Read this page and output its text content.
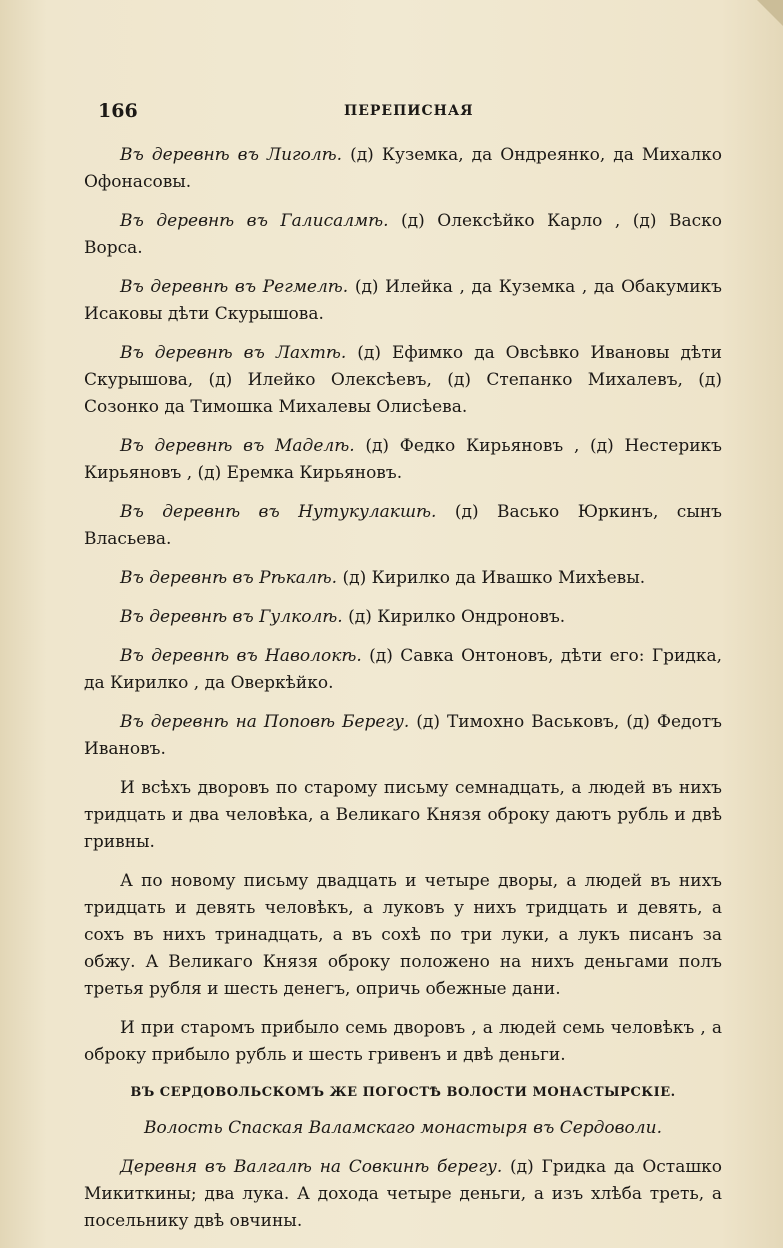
166	ПЕРЕПИСНАЯ

Въ деревнѣ въ Лиголѣ. (д) Куземка, да Ондреянко, да Михалко Офонасовы.

Въ деревнѣ въ Галисалмѣ. (д) Олексѣйко Карло , (д) Васко Ворса.

Въ деревнѣ въ Регмелѣ. (д) Илейка , да Куземка , да Обакумикъ Исаковы дѣти Скурышова.

Въ деревнѣ въ Лахтѣ. (д) Ефимко да Овсѣвко Ивановы дѣти Скурышова, (д) Илейко Олексѣевъ, (д) Степанко Михалевъ, (д) Созонко да Тимошка Михалевы Олисѣева.

Въ деревнѣ въ Маделѣ. (д) Федко Кирьяновъ , (д) Нестерикъ Кирьяновъ , (д) Еремка Кирьяновъ.

Въ деревнѣ въ Нутукулакшѣ. (д) Васько Юркинъ, сынъ Власьева.

Въ деревнѣ въ Рѣкалѣ. (д) Кирилко да Ивашко Михѣевы.

Въ деревнѣ въ Гулколѣ. (д) Кирилко Ондроновъ.

Въ деревнѣ въ Наволокѣ. (д) Савка Онтоновъ, дѣти его: Гридка, да Кирилко , да Оверкѣйко.

Въ деревнѣ на Поповѣ Берегу. (д) Тимохно Васьковъ, (д) Федотъ Ивановъ.

И всѣхъ дворовъ по старому письму семнадцать, а людей въ нихъ тридцать и два человѣка, а Великаго Князя оброку даютъ рубль и двѣ гривны.

А по новому письму двадцать и четыре дворы, а людей въ нихъ тридцать и девять человѣкъ, а луковъ у нихъ тридцать и девять, а сохъ въ нихъ тринадцать, а въ сохѣ по три луки, а лукъ писанъ за обжу. А Великаго Князя оброку положено на нихъ деньгами полъ третья рубля и шесть денегъ, опричь обежные дани.

И при старомъ прибыло семь дворовъ , а людей семь человѣкъ , а оброку прибыло рубль и шесть гривенъ и двѣ деньги.

ВЪ СЕРДОВОЛЬСКОМЪ ЖЕ ПОГОСТѢ ВОЛОСТИ МОНАСТЫРСКІЕ.

Волость Спаская Валамскаго монастыря въ Сердоволи.

Деревня въ Валгалѣ на Совкинѣ берегу. (д) Гридка да Осташко Микиткины; два лука. А дохода четыре деньги, а изъ хлѣба треть, а посельнику двѣ овчины.
